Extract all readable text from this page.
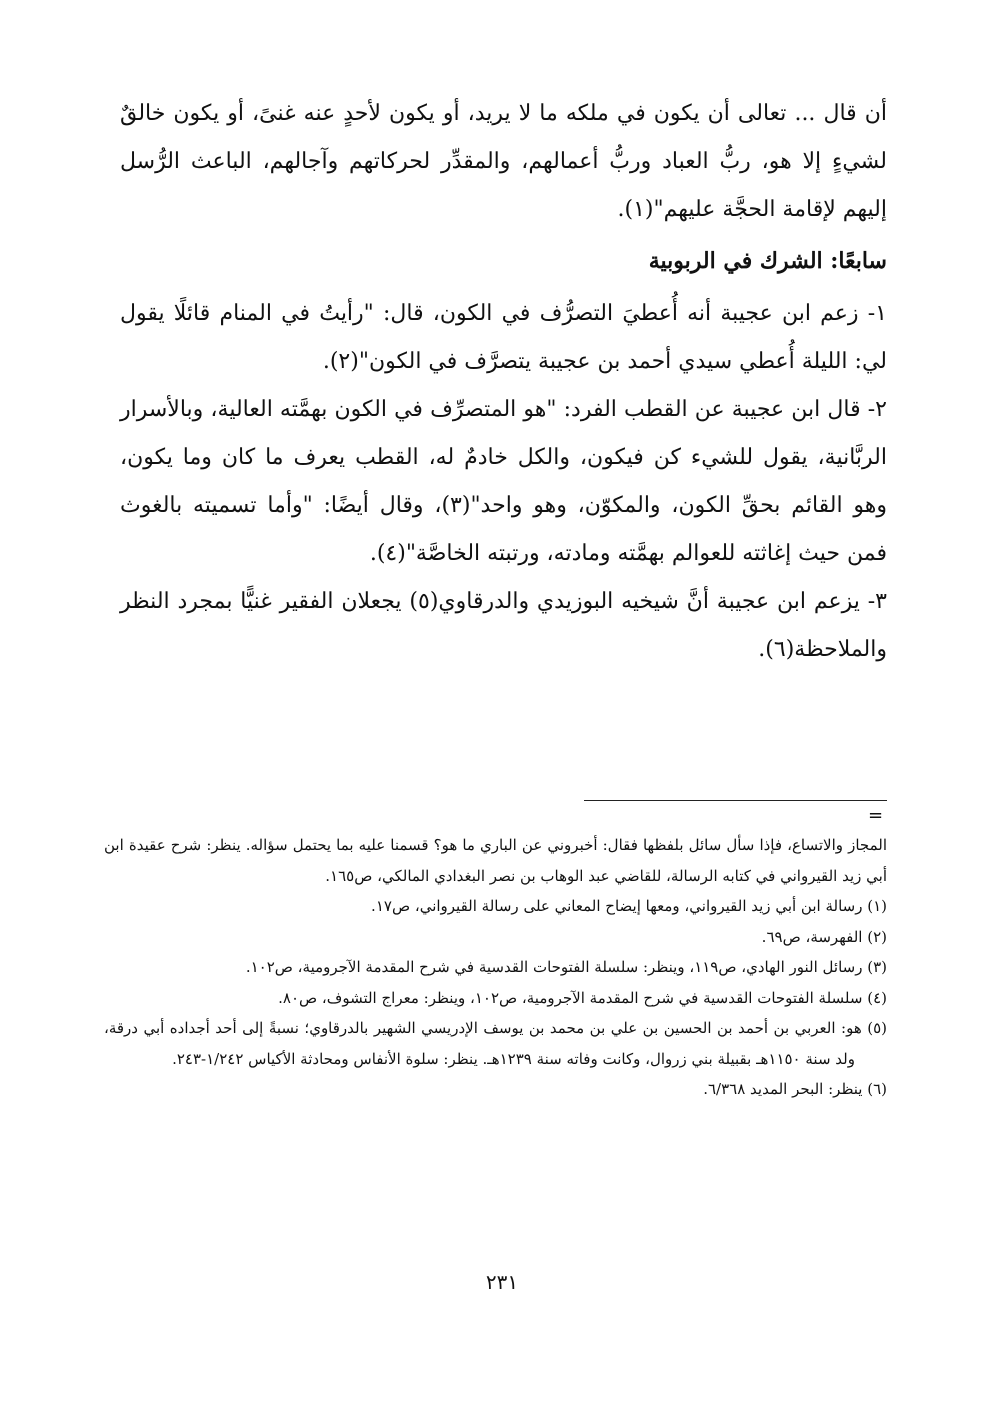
أن قال ... تعالى أن يكون في ملكه ما لا يريد، أو يكون لأحدٍ عنه غنىً، أو يكون خالقٌ لشيءٍ إلا هو، ربُّ العباد وربُّ أعمالهم، والمقدِّر لحركاتهم وآجالهم، الباعث الرُّسل إليهم لإقامة الحجَّة عليهم"(١).

سابعًا: الشرك في الربوبية

١- زعم ابن عجيبة أنه أُعطيَ التصرُّف في الكون، قال: "رأيتُ في المنام قائلًا يقول لي: الليلة أُعطي سيدي أحمد بن عجيبة يتصرَّف في الكون"(٢).

٢- قال ابن عجيبة عن القطب الفرد: "هو المتصرِّف في الكون بهمَّته العالية، وبالأسرار الربَّانية، يقول للشيء كن فيكون، والكل خادمٌ له، القطب يعرف ما كان وما يكون، وهو القائم بحقِّ الكون، والمكوّن، وهو واحد"(٣)، وقال أيضًا: "وأما تسميته بالغوث فمن حيث إغاثته للعوالم بهمَّته ومادته، ورتبته الخاصَّة"(٤).

٣- يزعم ابن عجيبة أنَّ شيخيه البوزيدي والدرقاوي(٥) يجعلان الفقير غنيًّا بمجرد النظر والملاحظة(٦).

=

المجاز والاتساع، فإذا سأل سائل بلفظها فقال: أخبروني عن الباري ما هو؟ قسمنا عليه بما يحتمل سؤاله. ينظر: شرح عقيدة ابن أبي زيد القيرواني في كتابه الرسالة، للقاضي عبد الوهاب بن نصر البغدادي المالكي، ص١٦٥.

(١) رسالة ابن أبي زيد القيرواني، ومعها إيضاح المعاني على رسالة القيرواني، ص١٧.

(٢) الفهرسة، ص٦٩.

(٣) رسائل النور الهادي، ص١١٩، وينظر: سلسلة الفتوحات القدسية في شرح المقدمة الآجرومية، ص١٠٢.

(٤) سلسلة الفتوحات القدسية في شرح المقدمة الآجرومية، ص١٠٢، وينظر: معراج التشوف، ص٨٠.

(٥) هو: العربي بن أحمد بن الحسين بن علي بن محمد بن يوسف الإدريسي الشهير بالدرقاوي؛ نسبةً إلى أحد أجداده أبي درقة، ولد سنة ١١٥٠هـ بقبيلة بني زروال، وكانت وفاته سنة ١٢٣٩هـ. ينظر: سلوة الأنفاس ومحادثة الأكياس ١/٢٤٢-٢٤٣.

(٦) ينظر: البحر المديد ٦/٣٦٨.

٢٣١
